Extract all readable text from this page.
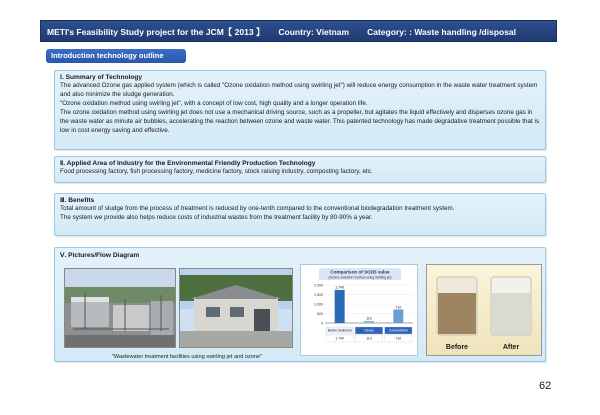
METI's Feasibility Study project for the JCM【 2013 】 Country: Vietnam Category: : Waste handling /disposal
Introduction technology outline
Ⅰ. Summary of Technology

The advanced Ozone gas applied system (which is called "Ozone oxidation method using swirling jet") will reduce energy consumption in the waste water treatment system and also minimize the sludge generation.

"Ozone oxidation method using swirling jet", with a concept of low cost, high quality and a longer operation life.

The ozone oxidation method using swirling jet does not use a mechanical driving source, such as a propeller, but agitates the liquid effectively and disperses ozone gas in the waste water as minute air bubbles, accelerating the reaction between ozone and waste water. This patented technology has made degradative treatment possible that is low in cost energy saving and effective.

Ⅱ. Applied Area of Industry for the Environmental Friendly Production Technology

Food processing factory, fish processing factory, medicine factory, stock raising industry, composting factory, etc.

Ⅲ. Benefits

Total amount of sludge from the process of treatment is reduced by one-tenth compared to the conventional biodegradation treatment system.

The system we provide also helps reduce costs of industrial wastes from the treatment facility by 80-90% a year.

Ⅴ. Pictures/Flow Diagram
"Wastewater treatment facilities using swirling jet and ozone"
Comparison of SOD5 value
(Ozone oxidation method using swirling jet)
2,000
1,500
1,000
500
0
1,740
110
710
Before treatment
1,740
Ozone
110
Conventional
710
Before	After
62
